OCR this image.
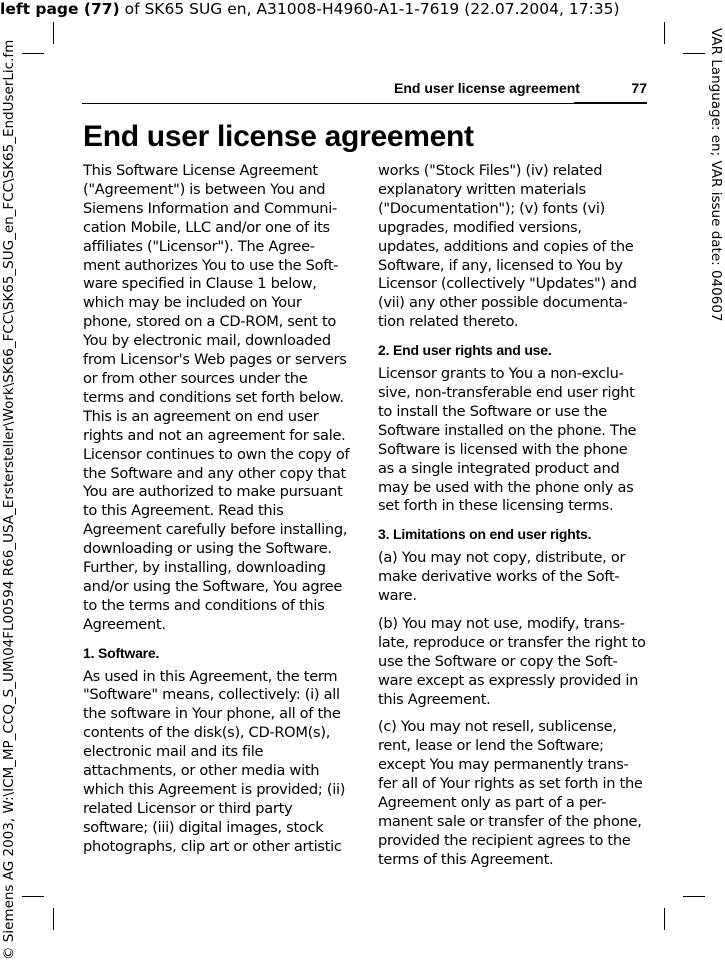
left page (77) of SK65 SUG en, A31008-H4960-A1-1-7619 (22.07.2004, 17:35)
© Siemens AG 2003, W:\ICM_MP_CCQ_S_UM\04FL00594 R66_USA_Erstersteller\Work\SK66_FCC\SK65_SUG_en_FCC\SK65_EndUserLic.fm	VAR Language: en; VAR issue date: 040607
End user license agreement	77
End user license agreement

This Software License Agreement ("Agreement") is between You and Siemens Information and Communi-cation Mobile, LLC and/or one of its affiliates ("Licensor"). The Agree-ment authorizes You to use the Soft-ware specified in Clause 1 below, which may be included on Your phone, stored on a CD-ROM, sent to You by electronic mail, downloaded from Licensor's Web pages or servers or from other sources under the terms and conditions set forth below. This is an agreement on end user rights and not an agreement for sale. Licensor continues to own the copy of the Software and any other copy that You are authorized to make pursuant to this Agreement. Read this Agreement carefully before installing, downloading or using the Software. Further, by installing, downloading and/or using the Software, You agree to the terms and conditions of this Agreement.

1. Software.

As used in this Agreement, the term "Software" means, collectively: (i) all the software in Your phone, all of the contents of the disk(s), CD-ROM(s), electronic mail and its file attachments, or other media with which this Agreement is provided; (ii) related Licensor or third party software; (iii) digital images, stock photographs, clip art or other artistic

works ("Stock Files") (iv) related explanatory written materials ("Documentation"); (v) fonts (vi) upgrades, modified versions, updates, additions and copies of the Software, if any, licensed to You by Licensor (collectively "Updates") and (vii) any other possible documenta-tion related thereto.

2. End user rights and use.

Licensor grants to You a non-exclu-sive, non-transferable end user right to install the Software or use the Software installed on the phone. The Software is licensed with the phone as a single integrated product and may be used with the phone only as set forth in these licensing terms.

3. Limitations on end user rights.

(a) You may not copy, distribute, or make derivative works of the Soft-ware.

(b) You may not use, modify, trans-late, reproduce or transfer the right to use the Software or copy the Soft-ware except as expressly provided in this Agreement.

(c) You may not resell, sublicense, rent, lease or lend the Software; except You may permanently trans-fer all of Your rights as set forth in the Agreement only as part of a per-manent sale or transfer of the phone, provided the recipient agrees to the terms of this Agreement.
